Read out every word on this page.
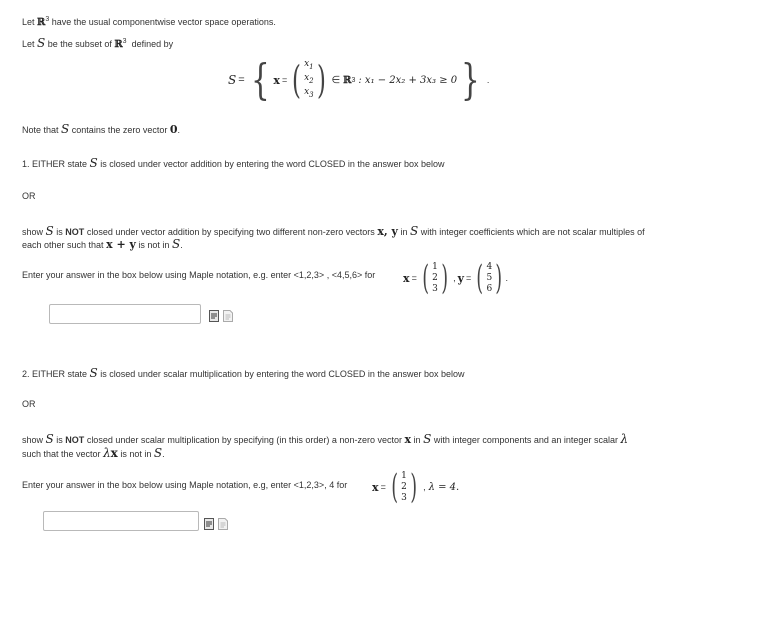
Let ℝ$^3$ have the usual componentwise vector space operations.
Let S be the subset of ℝ$^3$ defined by
S = { x = ( $x_1$
$x_2$
$x_3$ ) ∈ ℝ 3 : x₁ − 2x₂ + 3x₃ ≥ 0 } .
Note that S contains the zero vector 0.
1. EITHER state S is closed under vector addition by entering the word CLOSED in the answer box below
OR
show S is NOT closed under vector addition by specifying two different non-zero vectors x, y in S with integer coefficients which are not scalar multiples of
each other such that x + y is not in S.
Enter your answer in the box below using Maple notation, e.g. enter <1,2,3> , <4,5,6> for	x = ( 1
2
3 ) , y = ( 4
5
6 ) .
2. EITHER state S is closed under scalar multiplication by entering the word CLOSED in the answer box below
OR
show S is NOT closed under scalar multiplication by specifying (in this order) a non-zero vector x in S with integer components and an integer scalar λ
such that the vector λx is not in S.
Enter your answer in the box below using Maple notation, e.g, enter <1,2,3>, 4 for x = ( 1
2
3 ) , λ = 4.
